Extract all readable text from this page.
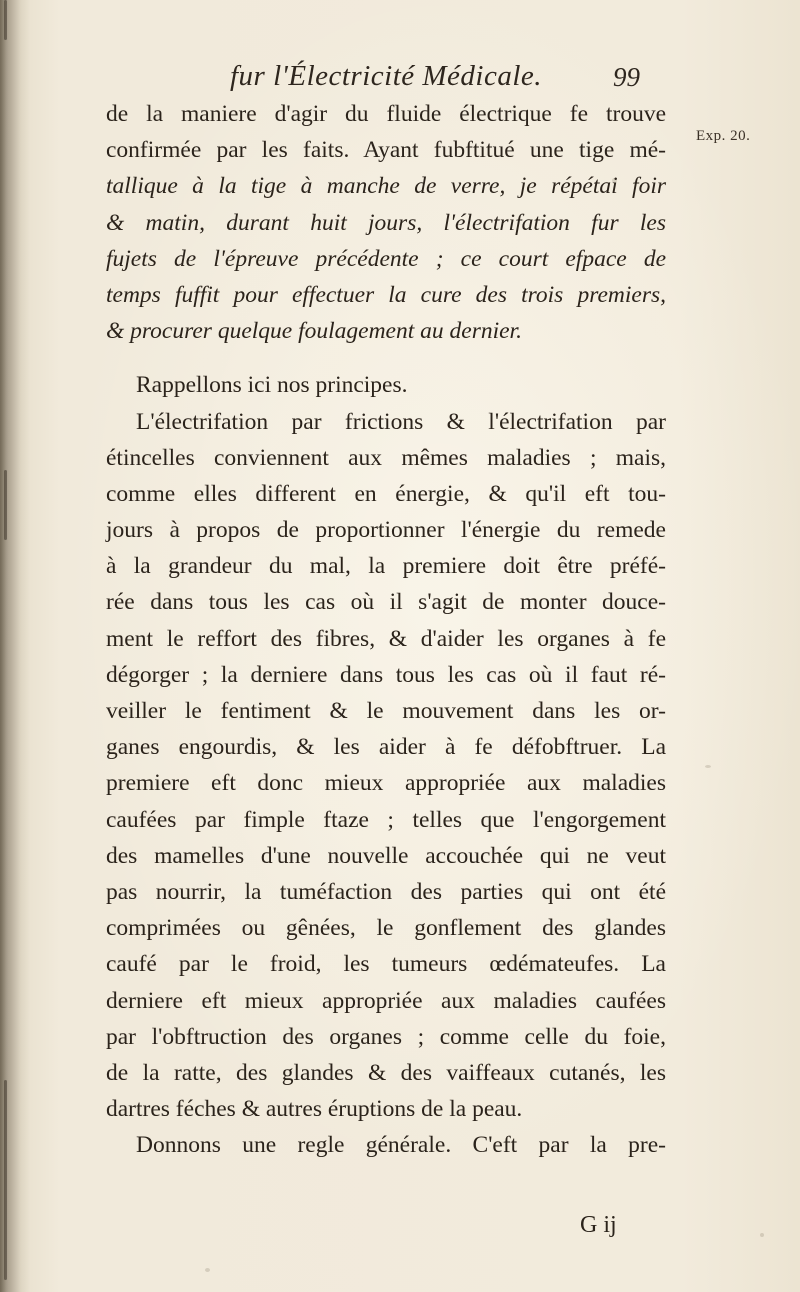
fur l'Électricité Médicale.	99
Exp. 20.
de la maniere d'agir du fluide électrique fe trouve
confirmée par les faits. Ayant fubftitué une tige mé-
tallique à la tige à manche de verre, je répétai foir
& matin, durant huit jours, l'électrifation fur les
fujets de l'épreuve précédente ; ce court efpace de
temps fuffit pour effectuer la cure des trois premiers,
& procurer quelque foulagement au dernier.
Rappellons ici nos principes.
L'électrifation par frictions & l'électrifation par
étincelles conviennent aux mêmes maladies ; mais,
comme elles different en énergie, & qu'il eft tou-
jours à propos de proportionner l'énergie du remede
à la grandeur du mal, la premiere doit être préfé-
rée dans tous les cas où il s'agit de monter douce-
ment le reffort des fibres, & d'aider les organes à fe
dégorger ; la derniere dans tous les cas où il faut ré-
veiller le fentiment & le mouvement dans les or-
ganes engourdis, & les aider à fe défobftruer. La
premiere eft donc mieux appropriée aux maladies
caufées par fimple ftaze ; telles que l'engorgement
des mamelles d'une nouvelle accouchée qui ne veut
pas nourrir, la tuméfaction des parties qui ont été
comprimées ou gênées, le gonflement des glandes
caufé par le froid, les tumeurs œdémateufes. La
derniere eft mieux appropriée aux maladies caufées
par l'obftruction des organes ; comme celle du foie,
de la ratte, des glandes & des vaiffeaux cutanés, les
dartres féches & autres éruptions de la peau.
Donnons une regle générale. C'eft par la pre-
G ij
